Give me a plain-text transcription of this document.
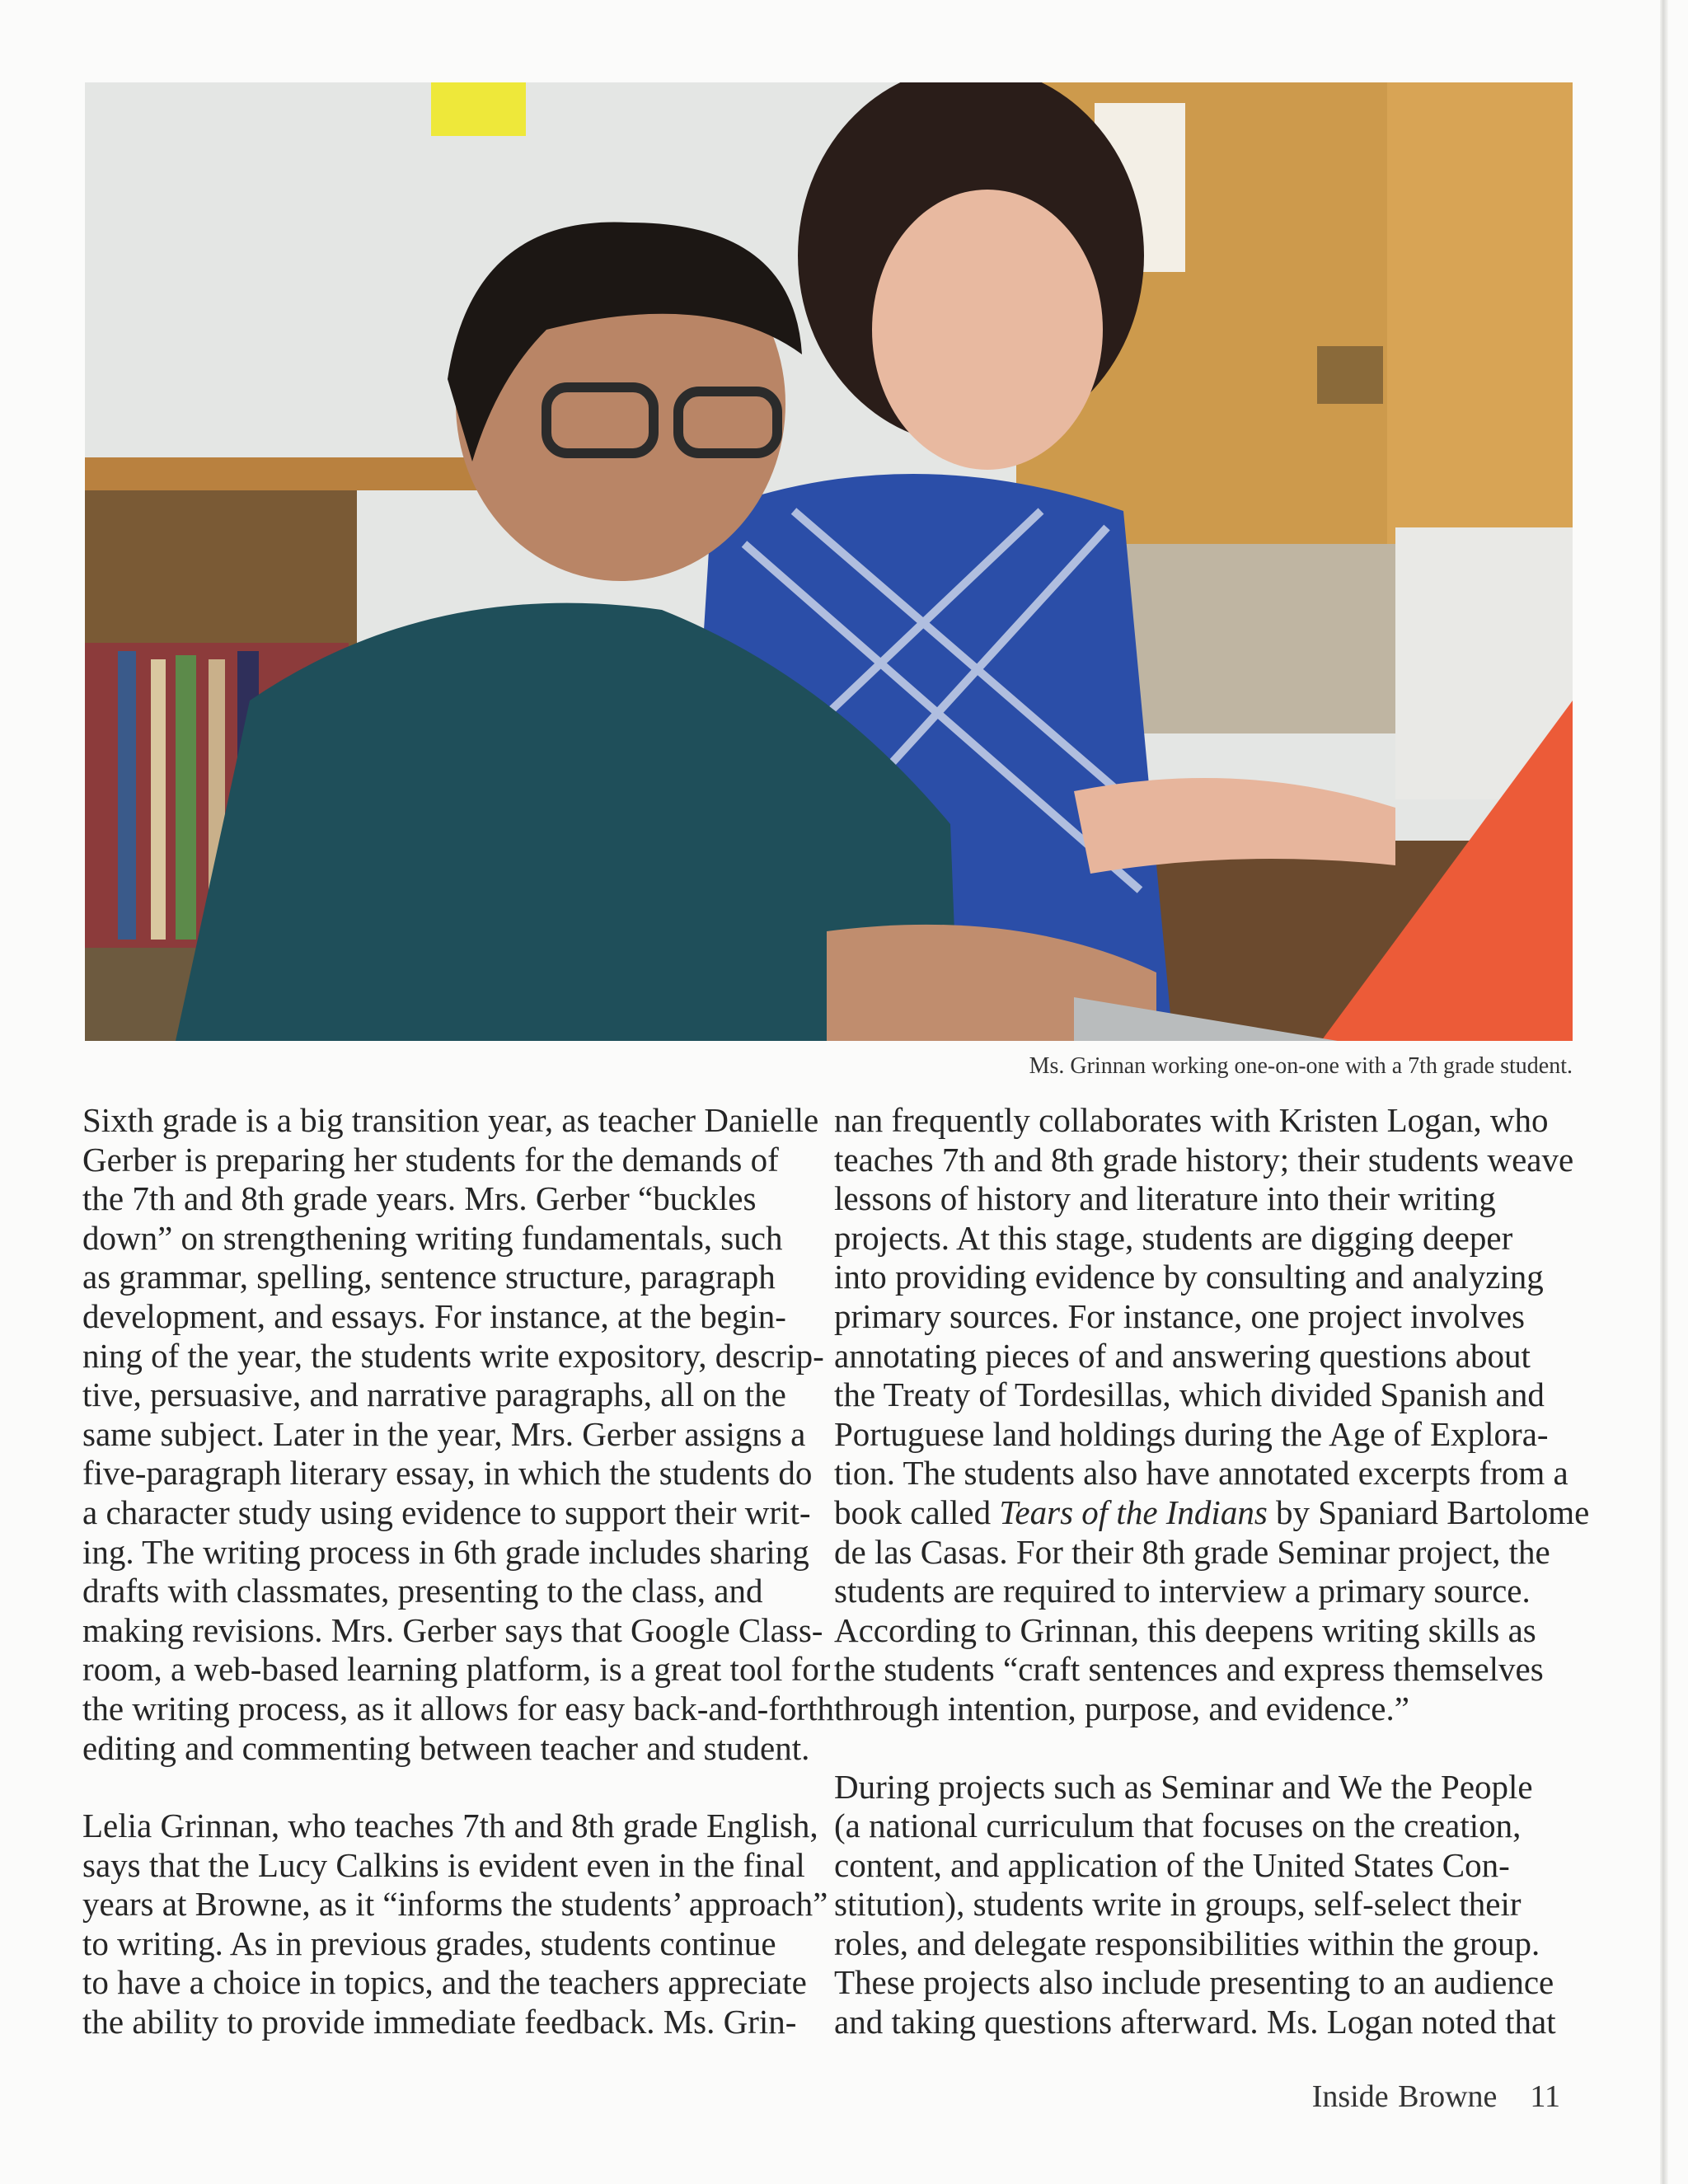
Ms. Grinnan working one-on-one with a 7th grade student.

Sixth grade is a big transition year, as teacher Danielle
Gerber is preparing her students for the demands of
the 7th and 8th grade years. Mrs. Gerber “buckles
down” on strengthening writing fundamentals, such
as grammar, spelling, sentence structure, paragraph
development, and essays. For instance, at the begin-
ning of the year, the students write expository, descrip-
tive, persuasive, and narrative paragraphs, all on the
same subject. Later in the year, Mrs. Gerber assigns a
five-paragraph literary essay, in which the students do
a character study using evidence to support their writ-
ing. The writing process in 6th grade includes sharing
drafts with classmates, presenting to the class, and
making revisions. Mrs. Gerber says that Google Class-
room, a web-based learning platform, is a great tool for
the writing process, as it allows for easy back-and-forth
editing and commenting between teacher and student.

Lelia Grinnan, who teaches 7th and 8th grade English,
says that the Lucy Calkins is evident even in the final
years at Browne, as it “informs the students’ approach”
to writing. As in previous grades, students continue
to have a choice in topics, and the teachers appreciate
the ability to provide immediate feedback. Ms. Grin-

nan frequently collaborates with Kristen Logan, who
teaches 7th and 8th grade history; their students weave
lessons of history and literature into their writing
projects. At this stage, students are digging deeper
into providing evidence by consulting and analyzing
primary sources. For instance, one project involves
annotating pieces of and answering questions about
the Treaty of Tordesillas, which divided Spanish and
Portuguese land holdings during the Age of Explora-
tion. The students also have annotated excerpts from a
book called Tears of the Indians by Spaniard Bartolome
de las Casas. For their 8th grade Seminar project, the
students are required to interview a primary source.
According to Grinnan, this deepens writing skills as
the students “craft sentences and express themselves
through intention, purpose, and evidence.”

During projects such as Seminar and We the People
(a national curriculum that focuses on the creation,
content, and application of the United States Con-
stitution), students write in groups, self-select their
roles, and delegate responsibilities within the group.
These projects also include presenting to an audience
and taking questions afterward. Ms. Logan noted that

Inside Browne 11
